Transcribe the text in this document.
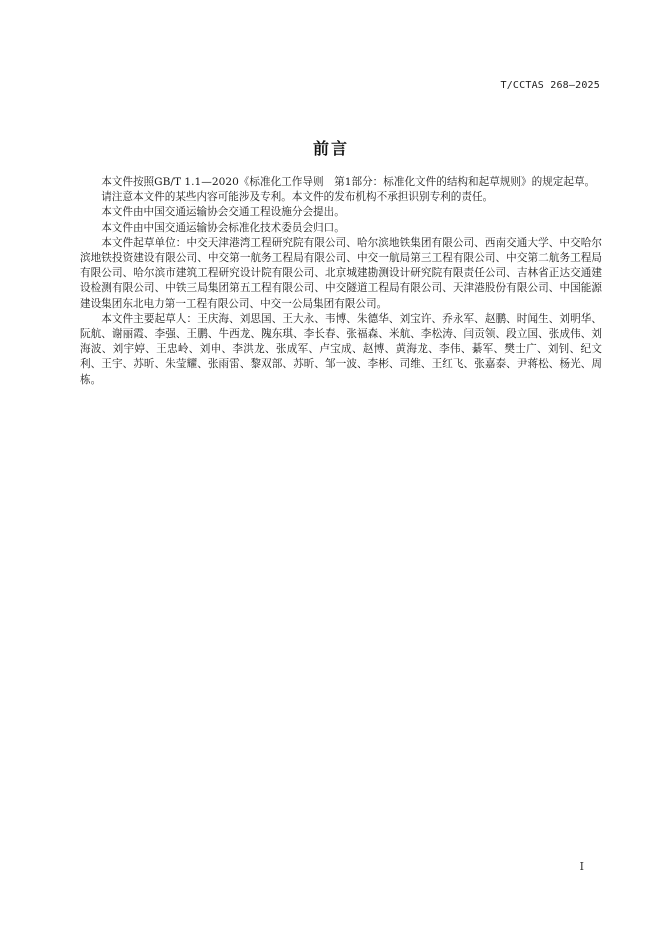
T/CCTAS 268—2025
前言

本文件按照GB/T 1.1—2020《标准化工作导则　第1部分：标准化文件的结构和起草规则》的规定起草。

请注意本文件的某些内容可能涉及专利。本文件的发布机构不承担识别专利的责任。

本文件由中国交通运输协会交通工程设施分会提出。

本文件由中国交通运输协会标准化技术委员会归口。

本文件起草单位：中交天津港湾工程研究院有限公司、哈尔滨地铁集团有限公司、西南交通大学、中交哈尔滨地铁投资建设有限公司、中交第一航务工程局有限公司、中交一航局第三工程有限公司、中交第二航务工程局有限公司、哈尔滨市建筑工程研究设计院有限公司、北京城建勘测设计研究院有限责任公司、吉林省正达交通建设检测有限公司、中铁三局集团第五工程有限公司、中交隧道工程局有限公司、天津港股份有限公司、中国能源建设集团东北电力第一工程有限公司、中交一公局集团有限公司。

本文件主要起草人：王庆海、刘思国、王大永、韦博、朱德华、刘宝许、乔永军、赵鹏、时闻生、刘明华、阮航、谢丽霞、李强、王鹏、牛西龙、隗东琪、李长春、张福森、米航、李松涛、闫贡领、段立国、张成伟、刘海波、刘宇婷、王忠岭、刘申、李洪龙、张成军、卢宝成、赵博、黄海龙、李伟、綦军、樊士广、刘钊、纪文利、王宇、苏昕、朱莹耀、张雨雷、黎双部、苏昕、邹一波、李彬、司维、王红飞、张嘉泰、尹蒋松、杨光、周栋。

I
